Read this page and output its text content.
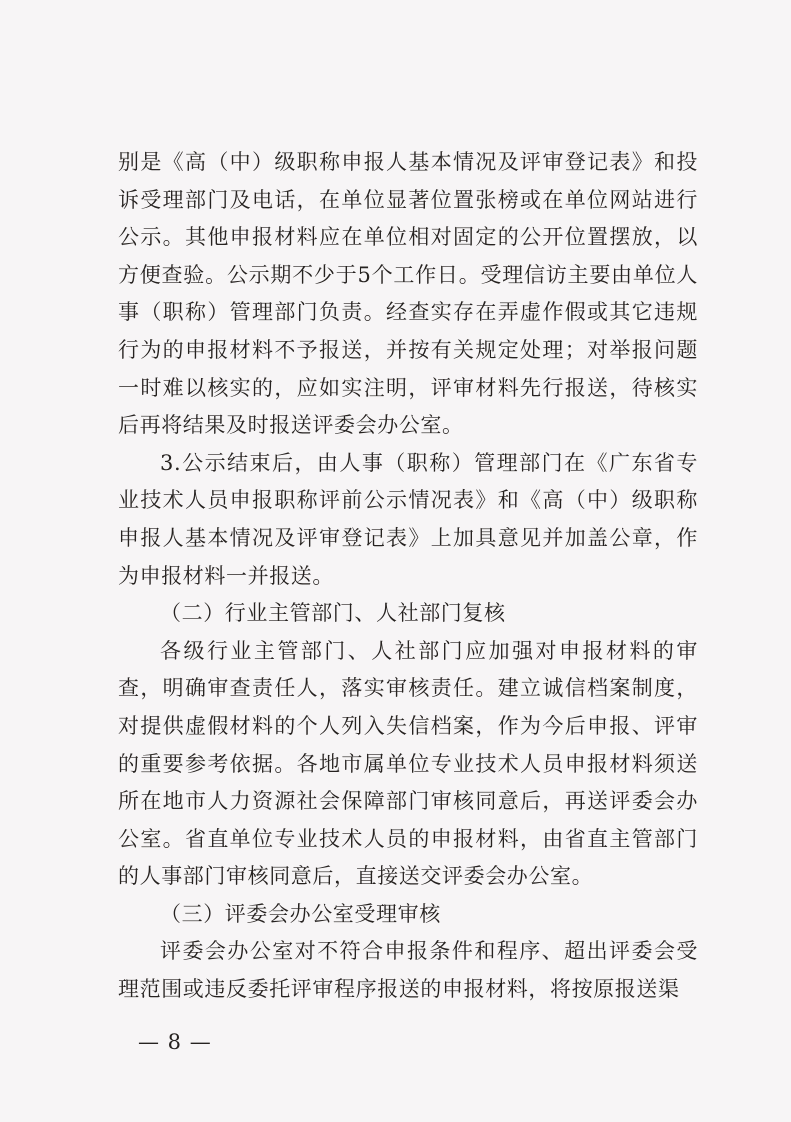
别是《高（中）级职称申报人基本情况及评审登记表》和投诉受理部门及电话，在单位显著位置张榜或在单位网站进行公示。其他申报材料应在单位相对固定的公开位置摆放，以方便查验。公示期不少于5个工作日。受理信访主要由单位人事（职称）管理部门负责。经查实存在弄虚作假或其它违规行为的申报材料不予报送，并按有关规定处理；对举报问题一时难以核实的，应如实注明，评审材料先行报送，待核实后再将结果及时报送评委会办公室。

3.公示结束后，由人事（职称）管理部门在《广东省专业技术人员申报职称评前公示情况表》和《高（中）级职称申报人基本情况及评审登记表》上加具意见并加盖公章，作为申报材料一并报送。

（二）行业主管部门、人社部门复核

各级行业主管部门、人社部门应加强对申报材料的审查，明确审查责任人，落实审核责任。建立诚信档案制度，对提供虚假材料的个人列入失信档案，作为今后申报、评审的重要参考依据。各地市属单位专业技术人员申报材料须送所在地市人力资源社会保障部门审核同意后，再送评委会办公室。省直单位专业技术人员的申报材料，由省直主管部门的人事部门审核同意后，直接送交评委会办公室。

（三）评委会办公室受理审核

评委会办公室对不符合申报条件和程序、超出评委会受理范围或违反委托评审程序报送的申报材料，将按原报送渠

— 8 —
